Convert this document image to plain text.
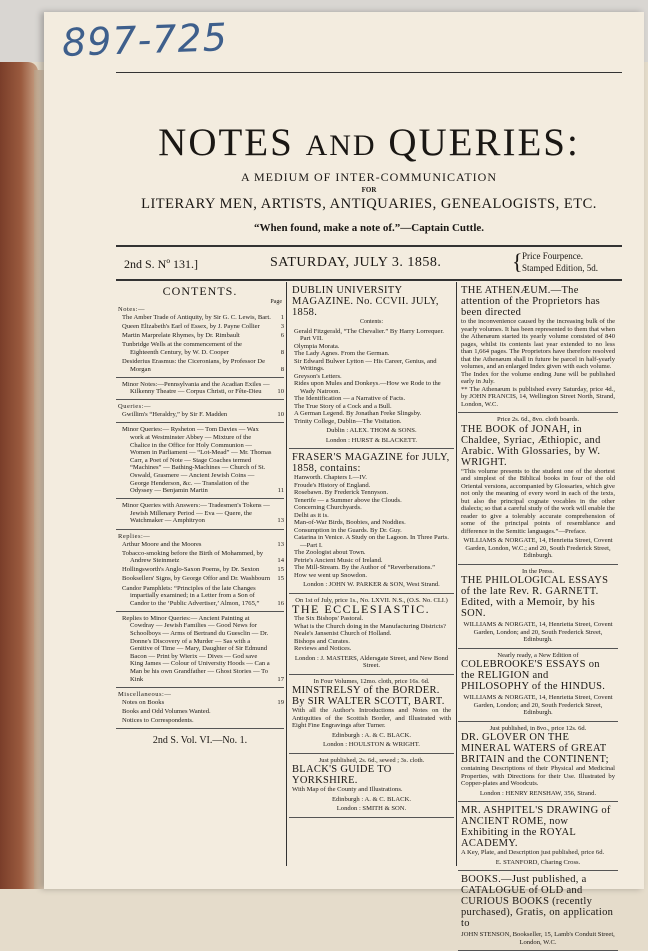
897-725
NOTES AND QUERIES:
A MEDIUM OF INTER-COMMUNICATION
FOR
LITERARY MEN, ARTISTS, ANTIQUARIES, GENEALOGISTS, ETC.
“When found, make a note of.”—Captain Cuttle.
2nd S. Nº 131.]	SATURDAY, JULY 3. 1858.	{ Price Fourpence.
Stamped Edition, 5d.
CONTENTS.
Page
Notes:—
The Amber Trade of Antiquity, by Sir G. C. Lewis, Bart.	1
Queen Elizabeth's Earl of Essex, by J. Payne Collier	3
Martin Marprelate Rhymes, by Dr. Rimbault	6
Tunbridge Wells at the commencement of the Eighteenth Century, by W. D. Cooper	8
Desiderius Erasmus: the Ciceronians, by Professor De Morgan	8
Minor Notes:—Pennsylvania and the Acadian Exiles — Kilkenny Theatre — Corpus Christi, or Fête-Dieu	10
Queries:—
Gwillim's “Heraldry,” by Sir F. Madden	10
Minor Queries:— Rysheton — Tom Davies — Wax work at Westminster Abbey — Mixture of the Chalice in the Office for Holy Communion — Women in Parliament — “Lot-Mead” — Mr. Thomas Carr, a Poet of Note — Stage Coaches termed “Machines” — Bathing-Machines — Church of St. Oswald, Grasmere — Ancient Jewish Coins — George Henderson, &c. — Translation of the Odyssey — Benjamin Martin	11
Minor Queries with Answers:— Tradesmen's Tokens — Jewish Millenary Period — Eva — Quere, the Watchmaker — Amphitryon	13
Replies:—
Arthur Moore and the Moores	13
Tobacco-smoking before the Birth of Mohammed, by Andrew Steinmetz	14
Hollingsworth's Anglo-Saxon Poems, by Dr. Sexton	15
Booksellers' Signs, by George Offor and Dr. Washbourn	15
Candor Pamphlets: “Principles of the late Changes impartially examined; in a Letter from a Son of Candor to the ‘Public Advertiser,’ Almon, 1765,”	16
Replies to Minor Queries:— Ancient Painting at Cowdray — Jewish Families — Good News for Schoolboys — Arms of Bertrand du Guesclin — Dr. Donne's Discovery of a Murder — Sas with a Genitive of Time — Mary, Daughter of Sir Edmund Bacon — Print by Wierix — Dives — God save King James — Colour of University Hoods — Can a Man be his own Grandfather — Ghost Stories — To Kink	17
Miscellaneous:—
Notes on Books	19
Books and Odd Volumes Wanted.
Notices to Correspondents.
2nd S. Vol. VI.—No. 1.
DUBLIN UNIVERSITY MAGAZINE. No. CCVII. JULY, 1858.
Contents:
Gerald Fitzgerald, “The Chevalier.” By Harry Lorrequer. Part VII.
Olympia Morata.
The Lady Agnes. From the German.
Sir Edward Bulwer Lytton — His Career, Genius, and Writings.
Greyson's Letters.
Rides upon Mules and Donkeys.—How we Rode to the Wady Natroon.
The Identification — a Narrative of Facts.
The True Story of a Cock and a Bull.
A German Legend. By Jonathan Freke Slingsby.
Trinity College, Dublin—The Visitation.
Dublin : ALEX. THOM & SONS.
London : HURST & BLACKETT.
FRASER'S MAGAZINE for JULY, 1858, contains:
Hanworth. Chapters I.—IV.
Froude's History of England.
Rosebawn. By Frederick Tennyson.
Tenerife — a Summer above the Clouds.
Concerning Churchyards.
Delhi as it is.
Man-of-War Birds, Boobies, and Noddies.
Consumption in the Guards. By Dr. Guy.
Catarina in Venice. A Study on the Lagoon. In Three Parts.—Part I.
The Zoologist about Town.
Petrie's Ancient Music of Ireland.
The Mill-Stream. By the Author of “Reverberations.”
How we went up Snowdon.
London : JOHN W. PARKER & SON, West Strand.
On 1st of July, price 1s., No. LXVII. N.S., (O.S. No. CLI.)
THE ECCLESIASTIC.
The Six Bishops' Pastoral.
What is the Church doing in the Manufacturing Districts?
Neale's Jansenist Church of Holland.
Bishops and Curates.
Reviews and Notices.
London : J. MASTERS, Aldersgate Street, and New Bond Street.
In Four Volumes, 12mo. cloth, price 16s. 6d.
MINSTRELSY of the BORDER. By SIR WALTER SCOTT, BART.
With all the Author's Introductions and Notes on the Antiquities of the Scottish Border, and Illustrated with Eight Fine Engravings after Turner.
Edinburgh : A. & C. BLACK.
London : HOULSTON & WRIGHT.
Just published, 2s. 6d., sewed ; 3s. cloth.
BLACK'S GUIDE TO YORKSHIRE.
With Map of the County and Illustrations.
Edinburgh : A. & C. BLACK.
London : SMITH & SON.
THE ATHENÆUM.—The attention of the Proprietors has been directed
to the inconvenience caused by the increasing bulk of the yearly volumes. It has been represented to them that when the Athenæum started its yearly volume consisted of 840 pages, whilst its contents last year extended to no less than 1,664 pages. The Proprietors have therefore resolved that the Athenæum shall in future be parcel in half-yearly volumes, and an enlarged Index given with each volume.
The Index for the volume ending June will be published early in July.
** The Athenæum is published every Saturday, price 4d., by JOHN FRANCIS, 14, Wellington Street North, Strand, London, W.C.
Price 2s. 6d., 8vo. cloth boards.
THE BOOK of JONAH, in Chaldee, Syriac, Æthiopic, and Arabic. With Glossaries, by W. WRIGHT.
“This volume presents to the student one of the shortest and simplest of the Biblical books in four of the old Oriental versions, accompanied by Glossaries, which give not only the meaning of every word in each of the texts, but also the principal cognate vocables in the other dialects; so that a careful study of the work will enable the reader to give a tolerably accurate comprehension of some of the principal points of resemblance and difference in the Semitic languages.”—Preface.
WILLIAMS & NORGATE, 14, Henrietta Street, Covent Garden, London, W.C.; and 20, South Frederick Street, Edinburgh.
In the Press.
THE PHILOLOGICAL ESSAYS of the late Rev. R. GARNETT. Edited, with a Memoir, by his SON.
WILLIAMS & NORGATE, 14, Henrietta Street, Covent Garden, London; and 20, South Frederick Street, Edinburgh.
Nearly ready, a New Edition of
COLEBROOKE'S ESSAYS on the RELIGION and PHILOSOPHY of the HINDUS.
WILLIAMS & NORGATE, 14, Henrietta Street, Covent Garden, London; and 20, South Frederick Street, Edinburgh.
Just published, in 8vo., price 12s. 6d.
DR. GLOVER ON THE MINERAL WATERS of GREAT BRITAIN and the CONTINENT;
containing Descriptions of their Physical and Medicinal Properties, with Directions for their Use. Illustrated by Copper-plates and Woodcuts.
London : HENRY RENSHAW, 356, Strand.
MR. ASHPITEL'S DRAWING of ANCIENT ROME, now Exhibiting in the ROYAL ACADEMY.
A Key, Plate, and Description just published, price 6d.
E. STANFORD, Charing Cross.
BOOKS.—Just published, a CATALOGUE of OLD and CURIOUS BOOKS (recently purchased), Gratis, on application to
JOHN STENSON, Bookseller, 15, Lamb's Conduit Street, London, W.C.
